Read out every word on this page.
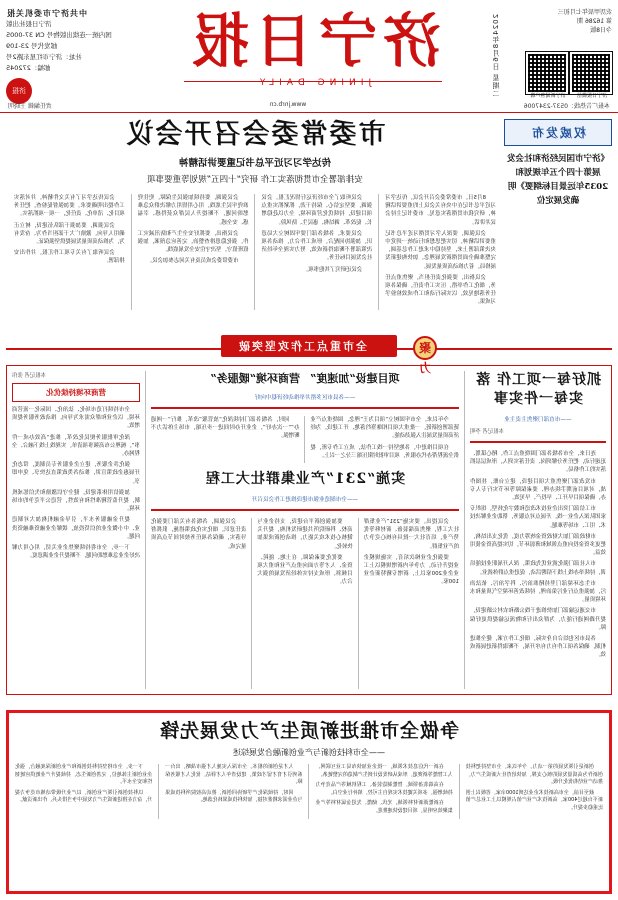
2024年8月6日 星期二
农历甲辰年七月初三
第 16286 期
今日8版
济宁日报微信
济宁新闻客户端
济宁日报
JINING DAILY
中共济宁市委机关报
济宁日报社出版
国内统一连续出版物号 CN 37-0005
邮发代号 23-109
社址：济宁市红星东路2号
邮编：272045
济报
本报广告热线：0537-2347006
www.jnrb.cn
责任编辑 王晓明
权威发布
《济宁市国民经济和社会发展第十四个五年规划和2035年远景目标纲要》明确发展定位
市委常委会召开会议
传达学习习近平总书记重要讲话精神
安排部署全市贯彻落实工作 研究“十四五”规划等重要事项

8月5日，市委常委会召开会议，传达学习习近平总书记在中央有关会议上的重要讲话精神，研究我市贯彻落实意见。市委书记主持会议并讲话。

会议强调，要深入学习贯彻习近平总书记重要讲话精神，切实把思想和行动统一到党中央决策部署上来，坚持稳中求进工作总基调，完整准确全面贯彻新发展理念，加快构建新发展格局，着力推动高质量发展。

会议指出，要强化责任担当，聚焦重点任务，细化工作举措，压实工作责任，确保各项任务落地见效，以实际行动和工作成效检验学习成果。

会议听取了全市经济运行情况汇报。会议强调，要坚定信心、保持干劲，抓紧抓实重点项目建设，持续优化营商环境，全力以赴稳增长、促改革、调结构、惠民生、防风险。

会议要求，各级各部门要牢固树立大局意识，加强协同配合，形成工作合力，推动各项决策部署不断取得新成效，努力实现全年经济社会发展目标任务。

会议还研究了其他事项。

会议强调，要持续加强民生保障，兜住兜准兜牢民生底线，用心用情用力解决群众急难愁盼问题，不断提升人民群众获得感、幸福感、安全感。

会议指出，要抓好安全生产和防汛减灾工作，强化隐患排查整治，完善应急预案，加强值班值守，坚决守住安全发展底线。

市委常委会成员及有关同志参加会议。

会议传达学习了有关文件精神，并对落实工作提出明确要求。要加强督促检查，把任务项目化、清单化、责任化，一项一项抓落实。

会议强调，要加强干部队伍建设，树立正确用人导向，激励广大干部担当作为、奋发有为，为推动高质量发展提供坚强保证。

会议听取了有关专项工作汇报，并作出安排部署。

聚力
全市重点工作攻坚突破
抓好每一项工作 落实每一件实事
——市直部门聚焦主责主业
本报记者 李明

连日来，全市各级各部门围绕重点工作，精心谋划、迅速行动，把任务分解到岗、责任落实到人，形成层层抓落实的工作格局。

市发改部门聚焦重大项目建设，建立台账，挂图作战，对项目前期手续办理、要素保障等环节实行专人专办，确保项目早开工、早投产、早见效。

市工信部门突出企业技术改造和数字化转型，组织专家团队深入企业一线，开展点对点服务，帮助企业解决技术、用工、市场等难题。

市财政部门加大财政资金统筹力度，优化支出结构，把更多资金投向重点领域和薄弱环节，切实提高资金使用效益。

市人社部门强化就业优先政策，深入开展职业技能培训，持续举办线上线下招聘活动，促进重点群体就业。

市生态环境部门坚持精准治污、科学治污、依法治污，加强重点行业污染治理，持续改善环境空气质量和水环境质量。

市交通运输部门加快推进干线公路和农村公路建设，提升路网通行能力，为群众出行和物流运输提供更好保障。

各县市区也结合自身实际，细化工作方案，健全推进机制，确保各项工作有力有序开展，不断取得新进展新成效。

项目建设“加速度”
营商环境“暖服务”
——各县市区多措并举推动经济稳中向好

今年以来，全市牢固树立“项目为王”理念，围绕重点产业链部署创新链，一批重大项目相继签约落地、开工建设，为经济高质量发展注入强劲动能。

在项目推进中，各地坚持一线工作法，成立工作专班，提供全流程帮办代办服务，项目审批时限压缩三分之一以上。

同时，各级各部门持续深化“放管服”改革，推行“一网通办”“一次办好”，企业开办时间进一步压缩，市场主体活力不断增强。

实施“231”产业集群壮大工程
——全市制造业强市建设推进工作会议召开

会议提出，要实施“231”产业集群壮大工程，聚焦高端装备、新材料等优势产业，培育壮大一批具有核心竞争力的产业集群。

要强化企业梯次培育，实施规模企业提升行动，力争年内新增规模以上工业企业200家以上，新增专精特新企业100家。

要加强创新平台建设，支持企业与高校、科研院所共建研发机构，提升关键核心技术攻关能力，推动创新成果加快转化。

要优化要素保障，在土地、能耗、资金、人才等方面向重点产业和重大项目倾斜，形成支持实体经济发展的强大合力。

会议强调，各级各有关部门要强化责任意识，细化实化政策措施，狠抓督导落实，确保各项任务按时间节点高质量完成。

本报记者 张伟
营商环境持续优化

全市持续打造市场化、法治化、国际化一流营商环境，以企业和群众需求为导向，推动政务服务提质增效。

深化审批服务便民化改革，推进“高效办成一件事”，梳理公布高频事项清单，实现线上线下融合、全程网办。

强化涉企服务，建立企业服务专员制度，常态化开展惠企政策宣讲，推动各类政策直达快享、免申即享。

加强信用体系建设，健全守信激励和失信惩戒机制，提升监管精准性和有效性，营造公平竞争的市场环境。

提升金融服务水平，引导金融机构加大对制造业、中小微企业的信贷投放，缓解企业融资难融资贵问题。

下一步，全市将持续聚焦企业关切，用心用力解决好企业急难愁盼问题，不断提升企业满意度。

争做全市推进新质生产力发展先锋
——全市科技创新与产业创新融合发展综述

创新是引领发展的第一动力。今年以来，全市坚持把科技创新作为高质量发展的核心支撑，加快培育壮大新质生产力，推动产业结构优化升级。

截至目前，全市高新技术企业达到1000余家，省级以上创新平台超过400家，高新技术产业产值占规模以上工业总产值比重稳步提升。

在新一代信息技术领域，一批企业加快布局工业互联网、人工智能等新赛道，形成从研发设计到生产制造的完整链条。

在高端装备领域，智能制造装备、工程机械等产品竞争力持续增强，多项关键技术实现自主可控，填补行业空白。

在新能源新材料领域，光伏、储能、先进金属材料等产业集聚效应明显，项目建设快速推进。

人才是创新的根本。全市深入实施人才强市战略，出台一系列引才育才留才政策，建设青年人才驿站，优化人才服务保障。

同时，持续深化产学研协同创新，推动高校院所科技成果与企业需求精准对接，加快科技成果转化落地。

下一步，全市将坚持科技创新和产业创新深度融合，强化企业创新主体地位，完善创新生态，持续提升产业链供应链韧性和安全水平。

以科技创新引领产业创新，以产业升级带动城市竞争力提升，奋力在推进新质生产力发展中争当排头兵、作出新贡献。
